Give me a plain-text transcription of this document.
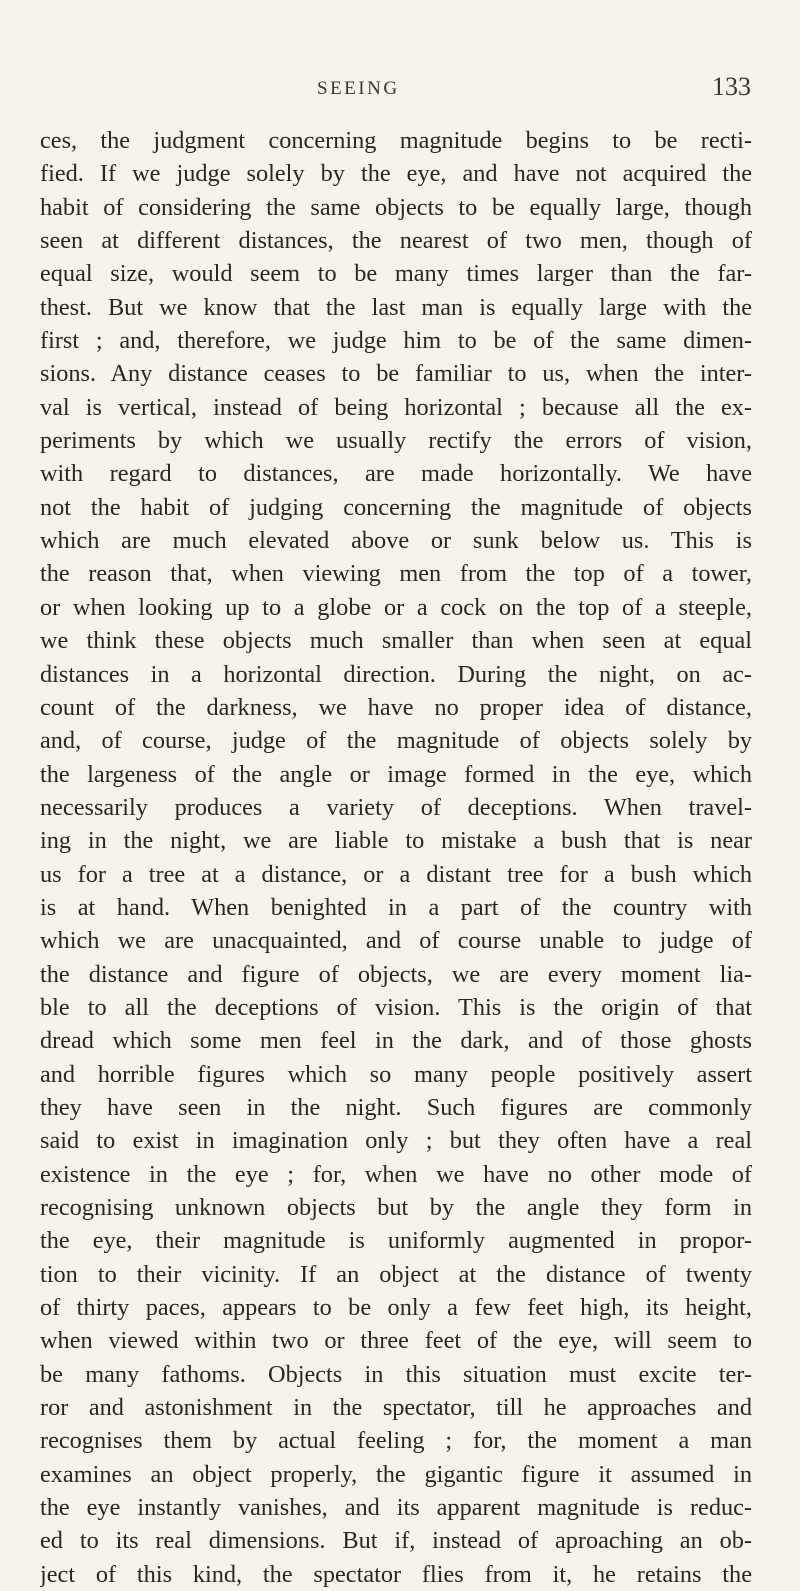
SEEING	133
ces, the judgment concerning magnitude begins to be recti-
fied. If we judge solely by the eye, and have not acquired the
habit of considering the same objects to be equally large, though
seen at different distances, the nearest of two men, though of
equal size, would seem to be many times larger than the far-
thest. But we know that the last man is equally large with the
first ; and, therefore, we judge him to be of the same dimen-
sions. Any distance ceases to be familiar to us, when the inter-
val is vertical, instead of being horizontal ; because all the ex-
periments by which we usually rectify the errors of vision,
with regard to distances, are made horizontally. We have
not the habit of judging concerning the magnitude of objects
which are much elevated above or sunk below us. This is
the reason that, when viewing men from the top of a tower,
or when looking up to a globe or a cock on the top of a steeple,
we think these objects much smaller than when seen at equal
distances in a horizontal direction. During the night, on ac-
count of the darkness, we have no proper idea of distance,
and, of course, judge of the magnitude of objects solely by
the largeness of the angle or image formed in the eye, which
necessarily produces a variety of deceptions. When travel-
ing in the night, we are liable to mistake a bush that is near
us for a tree at a distance, or a distant tree for a bush which
is at hand. When benighted in a part of the country with
which we are unacquainted, and of course unable to judge of
the distance and figure of objects, we are every moment lia-
ble to all the deceptions of vision. This is the origin of that
dread which some men feel in the dark, and of those ghosts
and horrible figures which so many people positively assert
they have seen in the night. Such figures are commonly
said to exist in imagination only ; but they often have a real
existence in the eye ; for, when we have no other mode of
recognising unknown objects but by the angle they form in
the eye, their magnitude is uniformly augmented in propor-
tion to their vicinity. If an object at the distance of twenty
of thirty paces, appears to be only a few feet high, its height,
when viewed within two or three feet of the eye, will seem to
be many fathoms. Objects in this situation must excite ter-
ror and astonishment in the spectator, till he approaches and
recognises them by actual feeling ; for, the moment a man
examines an object properly, the gigantic figure it assumed in
the eye instantly vanishes, and its apparent magnitude is reduc-
ed to its real dimensions. But if, instead of aproaching an ob-
ject of this kind, the spectator flies from it, he retains the
